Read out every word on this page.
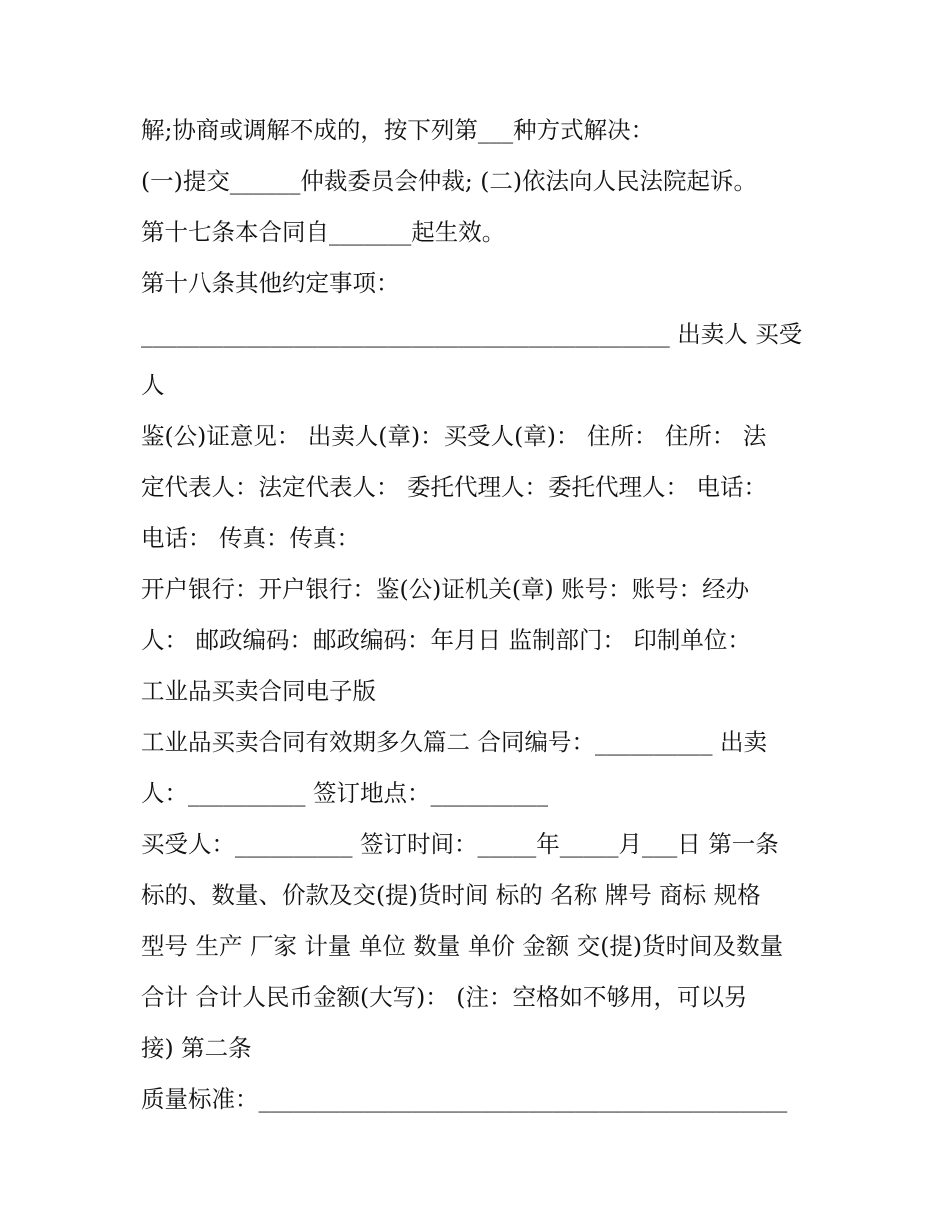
解;协商或调解不成的，按下列第___种方式解决：
(一)提交______仲裁委员会仲裁; (二)依法向人民法院起诉。
第十七条本合同自_______起生效。
第十八条其他约定事项：
_____________________________________________ 出卖人 买受
人
鉴(公)证意见： 出卖人(章)：买受人(章)： 住所： 住所： 法
定代表人：法定代表人： 委托代理人：委托代理人： 电话：
电话： 传真：传真：
开户银行：开户银行：鉴(公)证机关(章) 账号：账号：经办
人： 邮政编码：邮政编码：年月日 监制部门： 印制单位：
工业品买卖合同电子版
工业品买卖合同有效期多久篇二 合同编号：__________ 出卖
人：__________ 签订地点：__________
买受人：__________ 签订时间：_____年_____月___日 第一条
标的、数量、价款及交(提)货时间 标的 名称 牌号 商标 规格
型号 生产 厂家 计量 单位 数量 单价 金额 交(提)货时间及数量
合计 合计人民币金额(大写)： (注：空格如不够用，可以另
接) 第二条
质量标准：_____________________________________________
